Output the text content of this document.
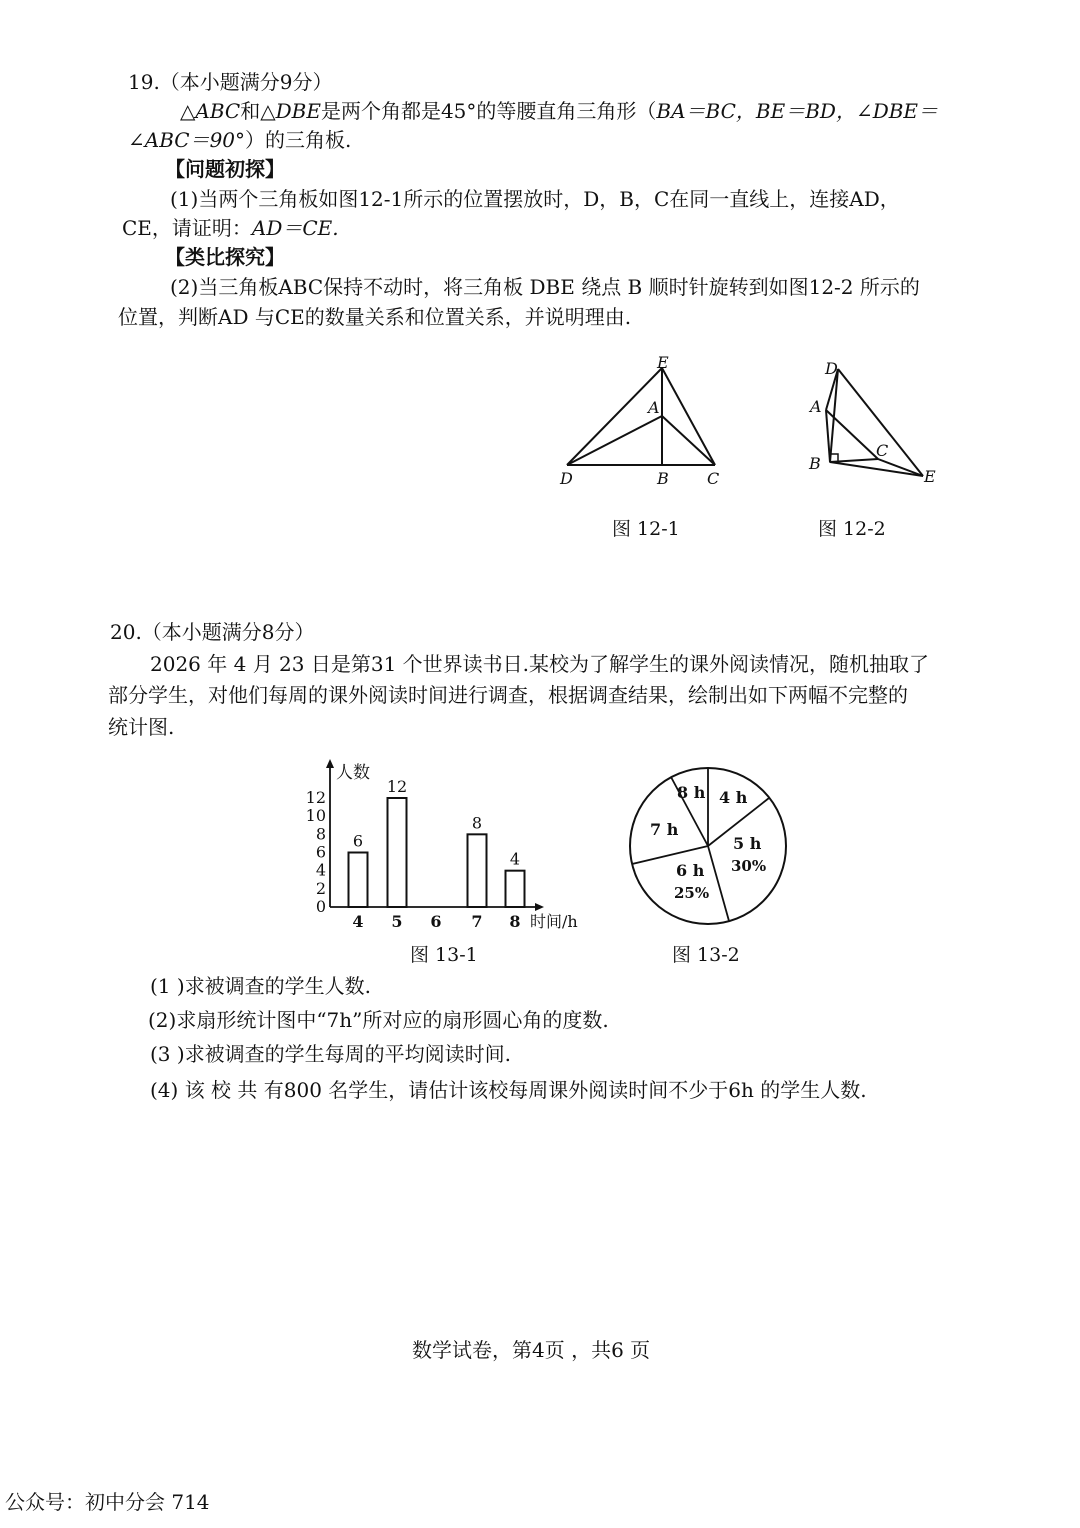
19.（本小题满分9分）
△ABC和△DBE是两个角都是45°的等腰直角三角形（BA＝BC，BE＝BD，∠DBE＝
∠ABC＝90°）的三角板.
【问题初探】
(1)当两个三角板如图12-1所示的位置摆放时，D，B，C在同一直线上，连接AD，
CE，请证明：AD＝CE.
【类比探究】
(2)当三角板ABC保持不动时，将三角板 DBE 绕点 B 顺时针旋转到如图12-2 所示的
位置，判断AD 与CE的数量关系和位置关系，并说明理由.
E
A
D	B C
图 12-1
D
A
B
C
E
图 12-2
20.（本小题满分8分）
2026 年 4 月 23 日是第31 个世界读书日.某校为了解学生的课外阅读情况，随机抽取了
部分学生，对他们每周的课外阅读时间进行调查，根据调查结果，绘制出如下两幅不完整的
统计图.
人数
时间/h
0
2
4
6
8
10
12
4
6
5
12
6 7
8
8
4
图 13-1
4 h
5 h
30%
6 h
25%
7 h
8 h
图 13-2
(1 )求被调查的学生人数.
(2)求扇形统计图中“7h”所对应的扇形圆心角的度数.
(3 )求被调查的学生每周的平均阅读时间.
(4) 该 校 共 有800 名学生，请估计该校每周课外阅读时间不少于6h 的学生人数.
数学试卷，第4页 ，共6 页
公众号：初中分会 714
